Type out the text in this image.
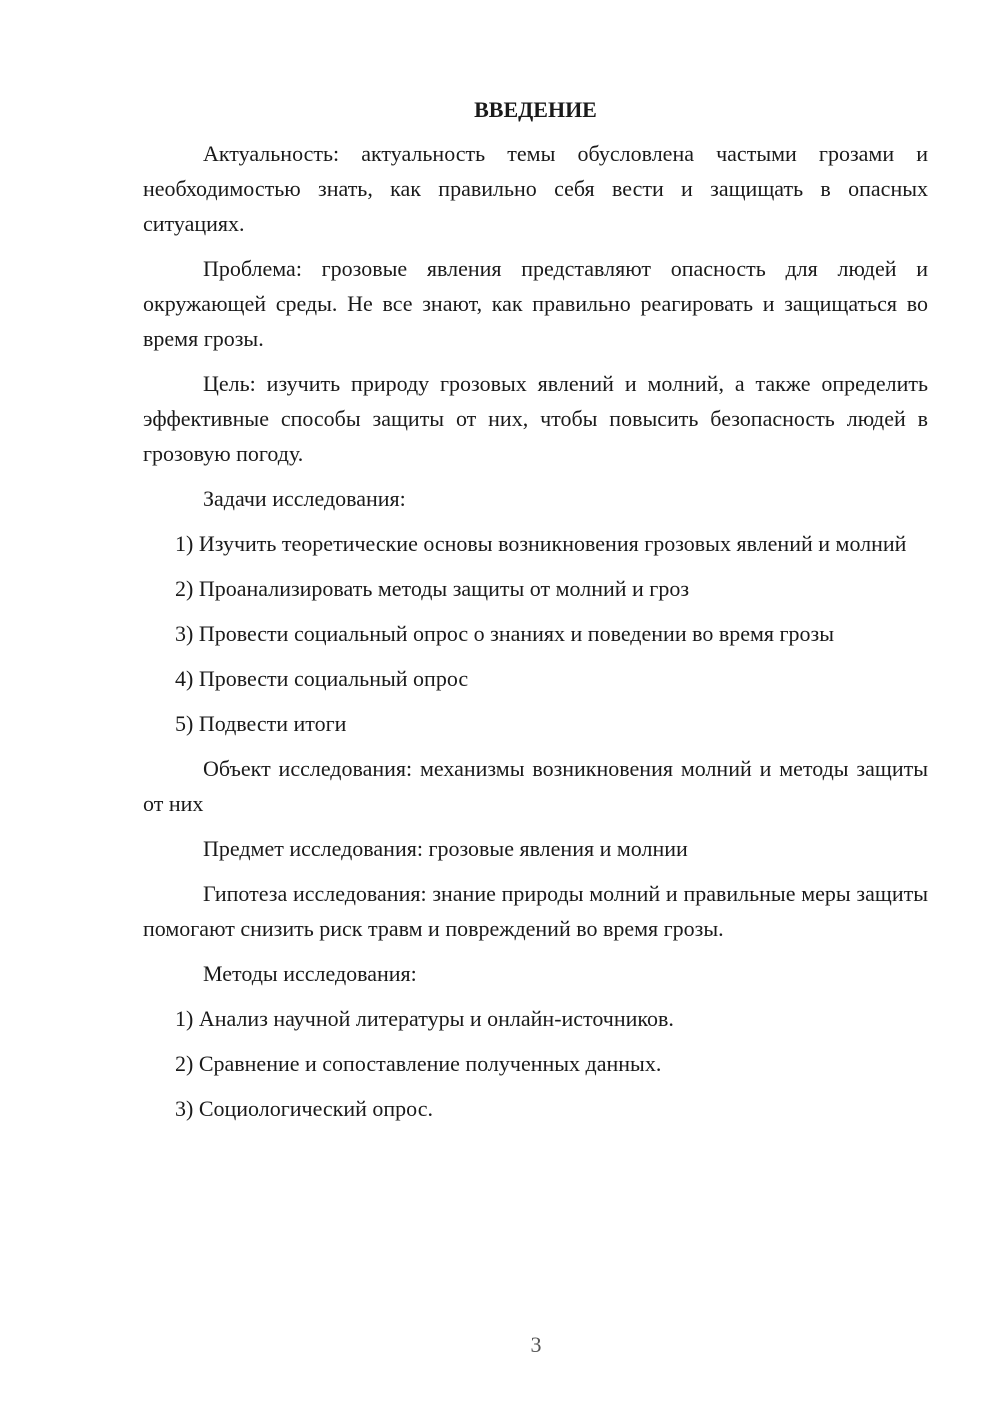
ВВЕДЕНИЕ

Актуальность: актуальность темы обусловлена частыми грозами и необходимостью знать, как правильно себя вести и защищать в опасных ситуациях.

Проблема: грозовые явления представляют опасность для людей и окружающей среды. Не все знают, как правильно реагировать и защищаться во время грозы.

Цель: изучить природу грозовых явлений и молний, а также определить эффективные способы защиты от них, чтобы повысить безопасность людей в грозовую погоду.

Задачи исследования:

1) Изучить теоретические основы возникновения грозовых явлений и молний

2) Проанализировать методы защиты от молний и гроз

3) Провести социальный опрос о знаниях и поведении во время грозы

4) Провести социальный опрос

5) Подвести итоги

Объект исследования: механизмы возникновения молний и методы защиты от них

Предмет исследования: грозовые явления и молнии

Гипотеза исследования: знание природы молний и правильные меры защиты помогают снизить риск травм и повреждений во время грозы.

Методы исследования:

1) Анализ научной литературы и онлайн-источников.

2) Сравнение и сопоставление полученных данных.

3) Социологический опрос.

3
